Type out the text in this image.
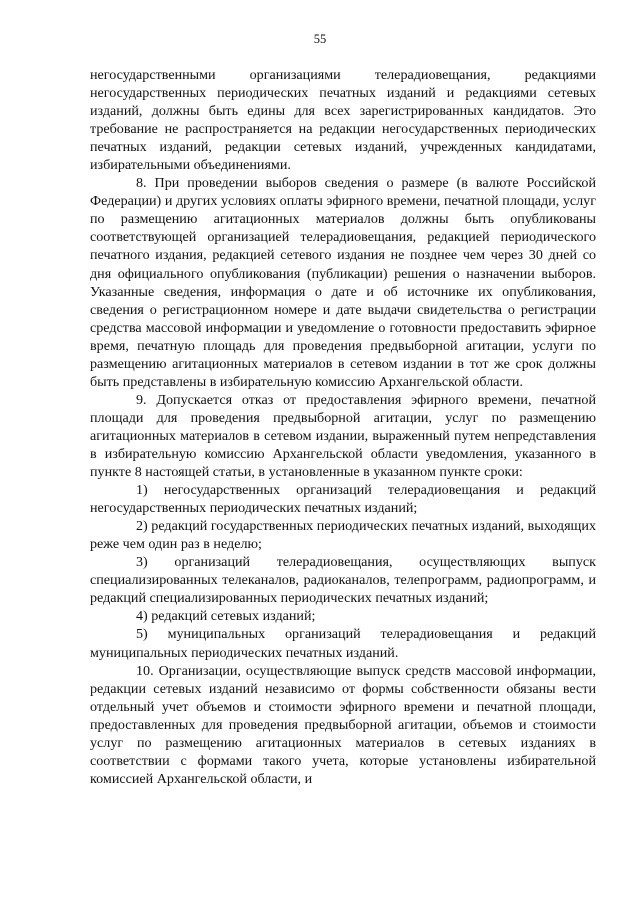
55

негосударственными организациями телерадиовещания, редакциями негосударственных периодических печатных изданий и редакциями сетевых изданий, должны быть едины для всех зарегистрированных кандидатов. Это требование не распространяется на редакции негосударственных периодических печатных изданий, редакции сетевых изданий, учрежденных кандидатами, избирательными объединениями.

8. При проведении выборов сведения о размере (в валюте Российской Федерации) и других условиях оплаты эфирного времени, печатной площади, услуг по размещению агитационных материалов должны быть опубликованы соответствующей организацией телерадиовещания, редакцией периодического печатного издания, редакцией сетевого издания не позднее чем через 30 дней со дня официального опубликования (публикации) решения о назначении выборов. Указанные сведения, информация о дате и об источнике их опубликования, сведения о регистрационном номере и дате выдачи свидетельства о регистрации средства массовой информации и уведомление о готовности предоставить эфирное время, печатную площадь для проведения предвыборной агитации, услуги по размещению агитационных материалов в сетевом издании в тот же срок должны быть представлены в избирательную комиссию Архангельской области.

9. Допускается отказ от предоставления эфирного времени, печатной площади для проведения предвыборной агитации, услуг по размещению агитационных материалов в сетевом издании, выраженный путем непредставления в избирательную комиссию Архангельской области уведомления, указанного в пункте 8 настоящей статьи, в установленные в указанном пункте сроки:

1) негосударственных организаций телерадиовещания и редакций негосударственных периодических печатных изданий;

2) редакций государственных периодических печатных изданий, выходящих реже чем один раз в неделю;

3) организаций телерадиовещания, осуществляющих выпуск специализированных телеканалов, радиоканалов, телепрограмм, радиопрограмм, и редакций специализированных периодических печатных изданий;

4) редакций сетевых изданий;

5) муниципальных организаций телерадиовещания и редакций муниципальных периодических печатных изданий.

10. Организации, осуществляющие выпуск средств массовой информации, редакции сетевых изданий независимо от формы собственности обязаны вести отдельный учет объемов и стоимости эфирного времени и печатной площади, предоставленных для проведения предвыборной агитации, объемов и стоимости услуг по размещению агитационных материалов в сетевых изданиях в соответствии с формами такого учета, которые установлены избирательной комиссией Архангельской области, и
